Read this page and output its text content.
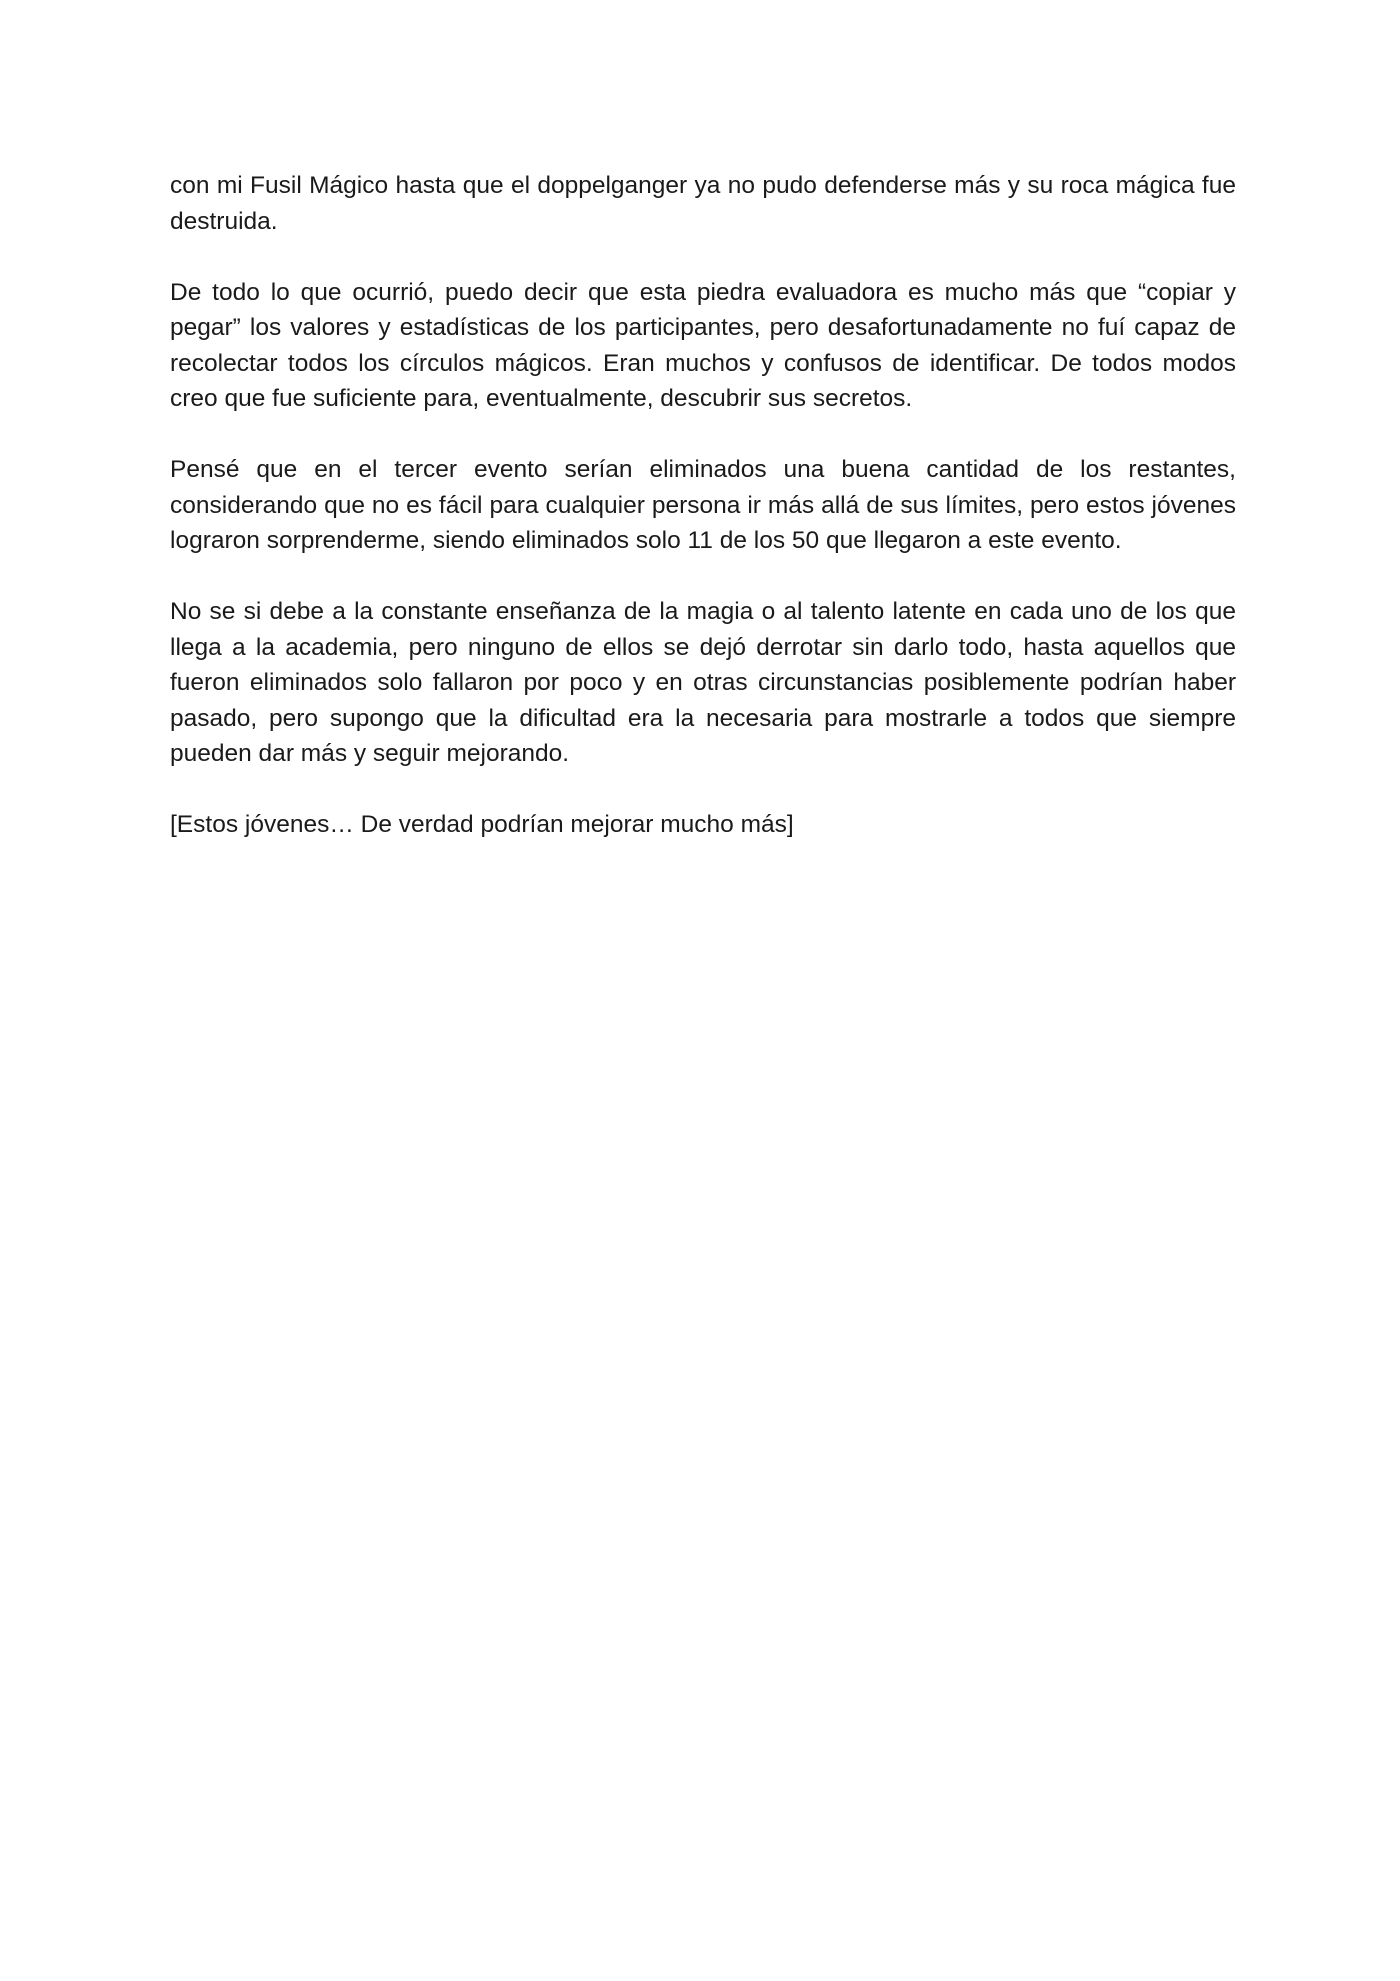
con mi Fusil Mágico hasta que el doppelganger ya no pudo defenderse más y su roca mágica fue destruida.

De todo lo que ocurrió, puedo decir que esta piedra evaluadora es mucho más que “copiar y pegar” los valores y estadísticas de los participantes, pero desafortunadamente no fuí capaz de recolectar todos los círculos mágicos. Eran muchos y confusos de identificar. De todos modos creo que fue suficiente para, eventualmente, descubrir sus secretos.

Pensé que en el tercer evento serían eliminados una buena cantidad de los restantes, considerando que no es fácil para cualquier persona ir más allá de sus límites, pero estos jóvenes lograron sorprenderme, siendo eliminados solo 11 de los 50 que llegaron a este evento.

No se si debe a la constante enseñanza de la magia o al talento latente en cada uno de los que llega a la academia, pero ninguno de ellos se dejó derrotar sin darlo todo, hasta aquellos que fueron eliminados solo fallaron por poco y en otras circunstancias posiblemente podrían haber pasado, pero supongo que la dificultad era la necesaria para mostrarle a todos que siempre pueden dar más y seguir mejorando.

[Estos jóvenes… De verdad podrían mejorar mucho más]
